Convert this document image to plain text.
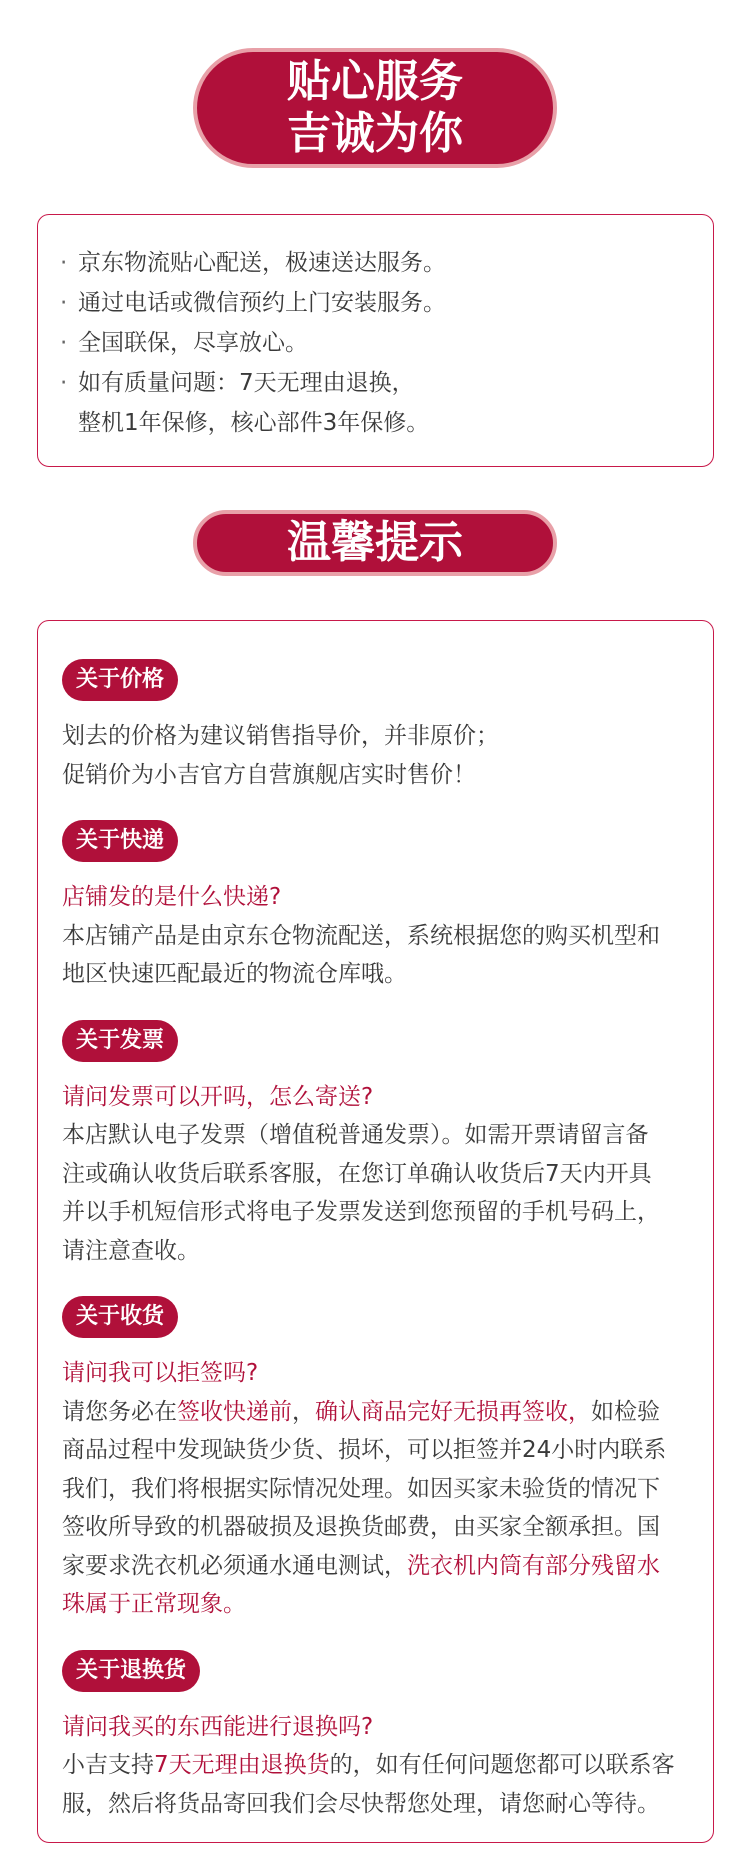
贴心服务
吉诚为你
· 京东物流贴心配送，极速送达服务。
· 通过电话或微信预约上门安装服务。
· 全国联保，尽享放心。
· 如有质量问题：7天无理由退换，
整机1年保修，核心部件3年保修。
温馨提示
关于价格
划去的价格为建议销售指导价，并非原价；
促销价为小吉官方自营旗舰店实时售价！
关于快递
店铺发的是什么快递?
本店铺产品是由京东仓物流配送，系统根据您的购买机型和
地区快速匹配最近的物流仓库哦。
关于发票
请问发票可以开吗，怎么寄送?
本店默认电子发票（增值税普通发票）。如需开票请留言备
注或确认收货后联系客服，在您订单确认收货后7天内开具
并以手机短信形式将电子发票发送到您预留的手机号码上，
请注意查收。
关于收货
请问我可以拒签吗?
请您务必在签收快递前，确认商品完好无损再签收，如检验
商品过程中发现缺货少货、损坏，可以拒签并24小时内联系
我们，我们将根据实际情况处理。如因买家未验货的情况下
签收所导致的机器破损及退换货邮费，由买家全额承担。国
家要求洗衣机必须通水通电测试，洗衣机内筒有部分残留水
珠属于正常现象。
关于退换货
请问我买的东西能进行退换吗?
小吉支持7天无理由退换货的，如有任何问题您都可以联系客
服，然后将货品寄回我们会尽快帮您处理，请您耐心等待。
